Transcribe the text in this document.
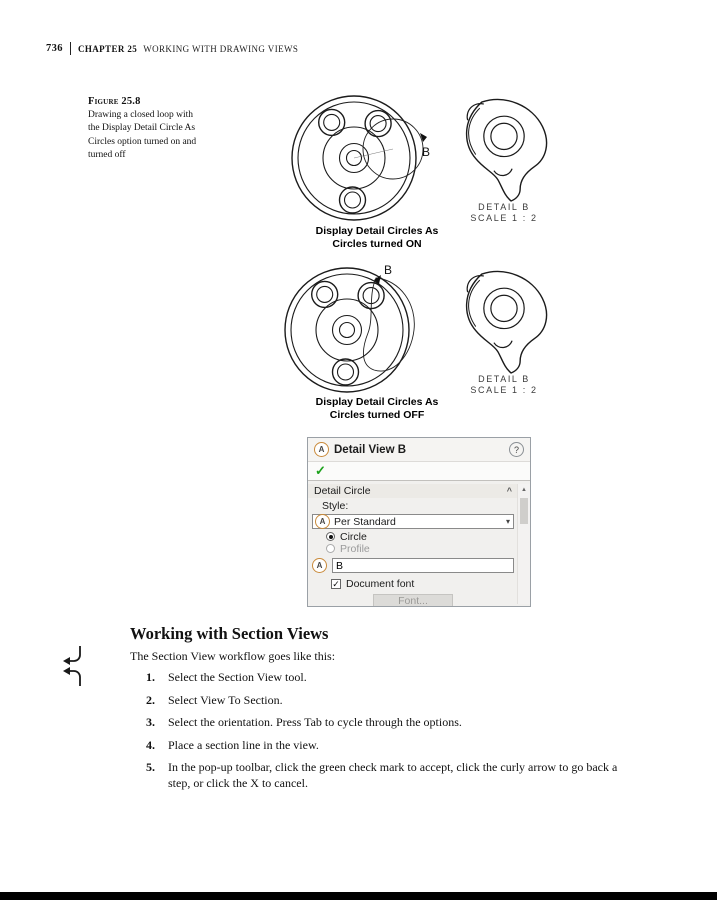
736 CHAPTER 25 WORKING WITH DRAWING VIEWS
Figure 25.8
Drawing a closed loop with the Display Detail Circle As Circles option turned on and turned off	B
DETAIL B
SCALE 1 : 2
Display Detail Circles As
Circles turned ON
B
DETAIL B
SCALE 1 : 2
Display Detail Circles As
Circles turned OFF
A Detail View B	?
✓
Detail Circle	^
Style:
A Per Standard	▾
Circle
Profile
A
B
✓ Document font
Font...
▲
Working with Section Views
The Section View workflow goes like this:
1.	Select the Section View tool.
2.	Select View To Section.
3.	Select the orientation. Press Tab to cycle through the options.
4.	Place a section line in the view.
5.	In the pop-up toolbar, click the green check mark to accept, click the curly arrow to go back a step, or click the X to cancel.
